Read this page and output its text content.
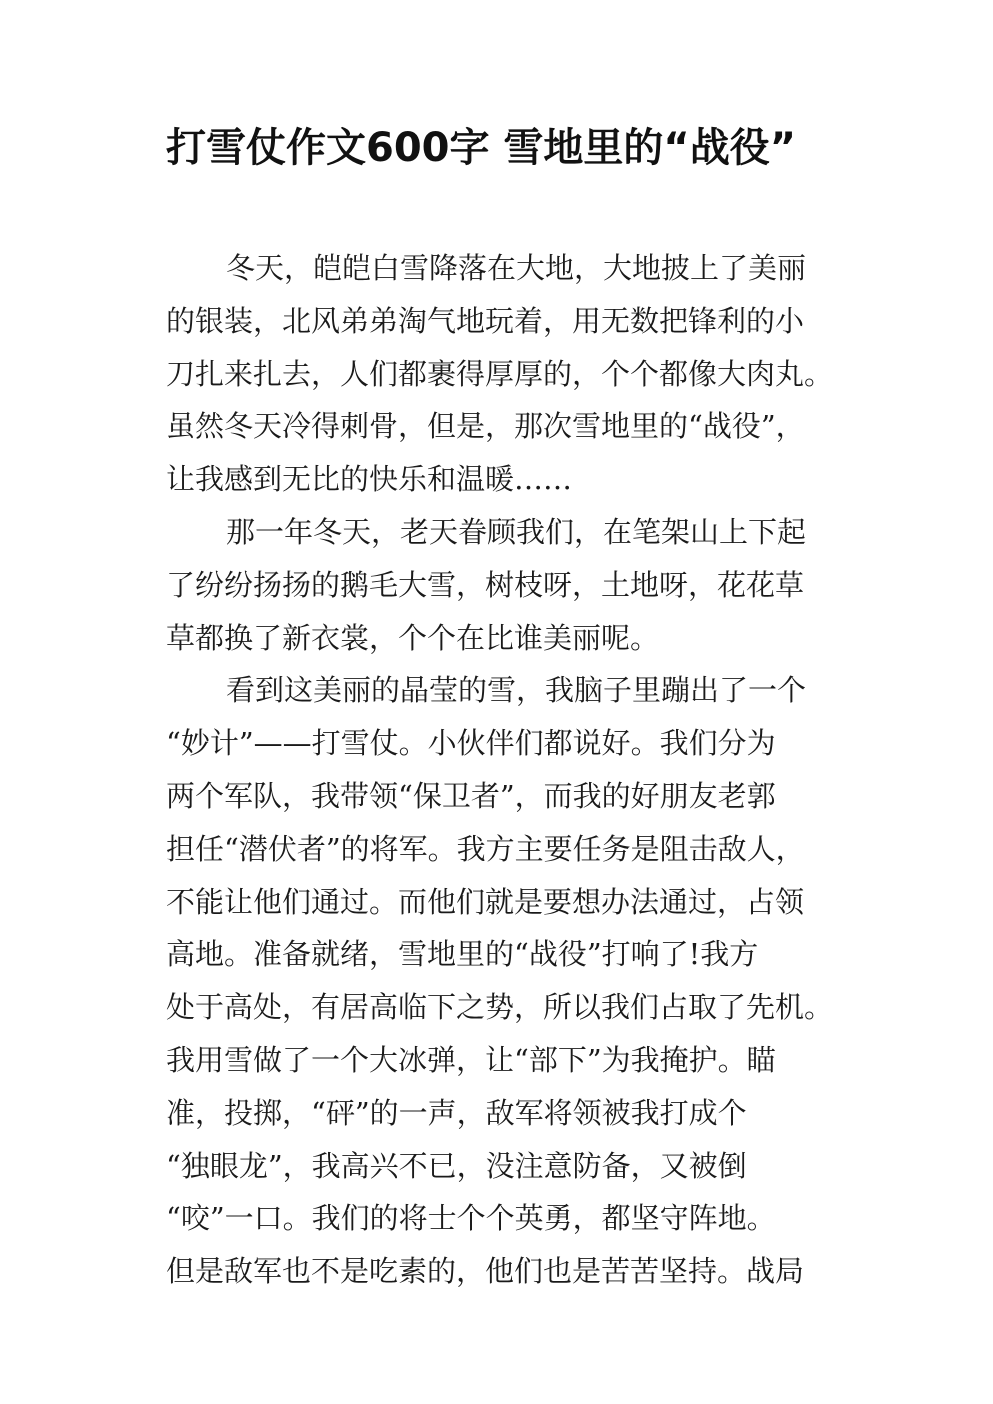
打雪仗作文600字 雪地里的“战役”

冬天，皑皑白雪降落在大地，大地披上了美丽

的银装，北风弟弟淘气地玩着，用无数把锋利的小

刀扎来扎去，人们都裹得厚厚的，个个都像大肉丸。

虽然冬天冷得刺骨，但是，那次雪地里的“战役”，

让我感到无比的快乐和温暖……

那一年冬天，老天眷顾我们，在笔架山上下起

了纷纷扬扬的鹅毛大雪，树枝呀，土地呀，花花草

草都换了新衣裳，个个在比谁美丽呢。

看到这美丽的晶莹的雪，我脑子里蹦出了一个

“妙计”——打雪仗。小伙伴们都说好。我们分为

两个军队，我带领“保卫者”，而我的好朋友老郭

担任“潜伏者”的将军。我方主要任务是阻击敌人，

不能让他们通过。而他们就是要想办法通过，占领

高地。准备就绪，雪地里的“战役”打响了!我方

处于高处，有居高临下之势，所以我们占取了先机。

我用雪做了一个大冰弹，让“部下”为我掩护。瞄

准，投掷，“砰”的一声，敌军将领被我打成个

“独眼龙”，我高兴不已，没注意防备，又被倒

“咬”一口。我们的将士个个英勇，都坚守阵地。

但是敌军也不是吃素的，他们也是苦苦坚持。战局
